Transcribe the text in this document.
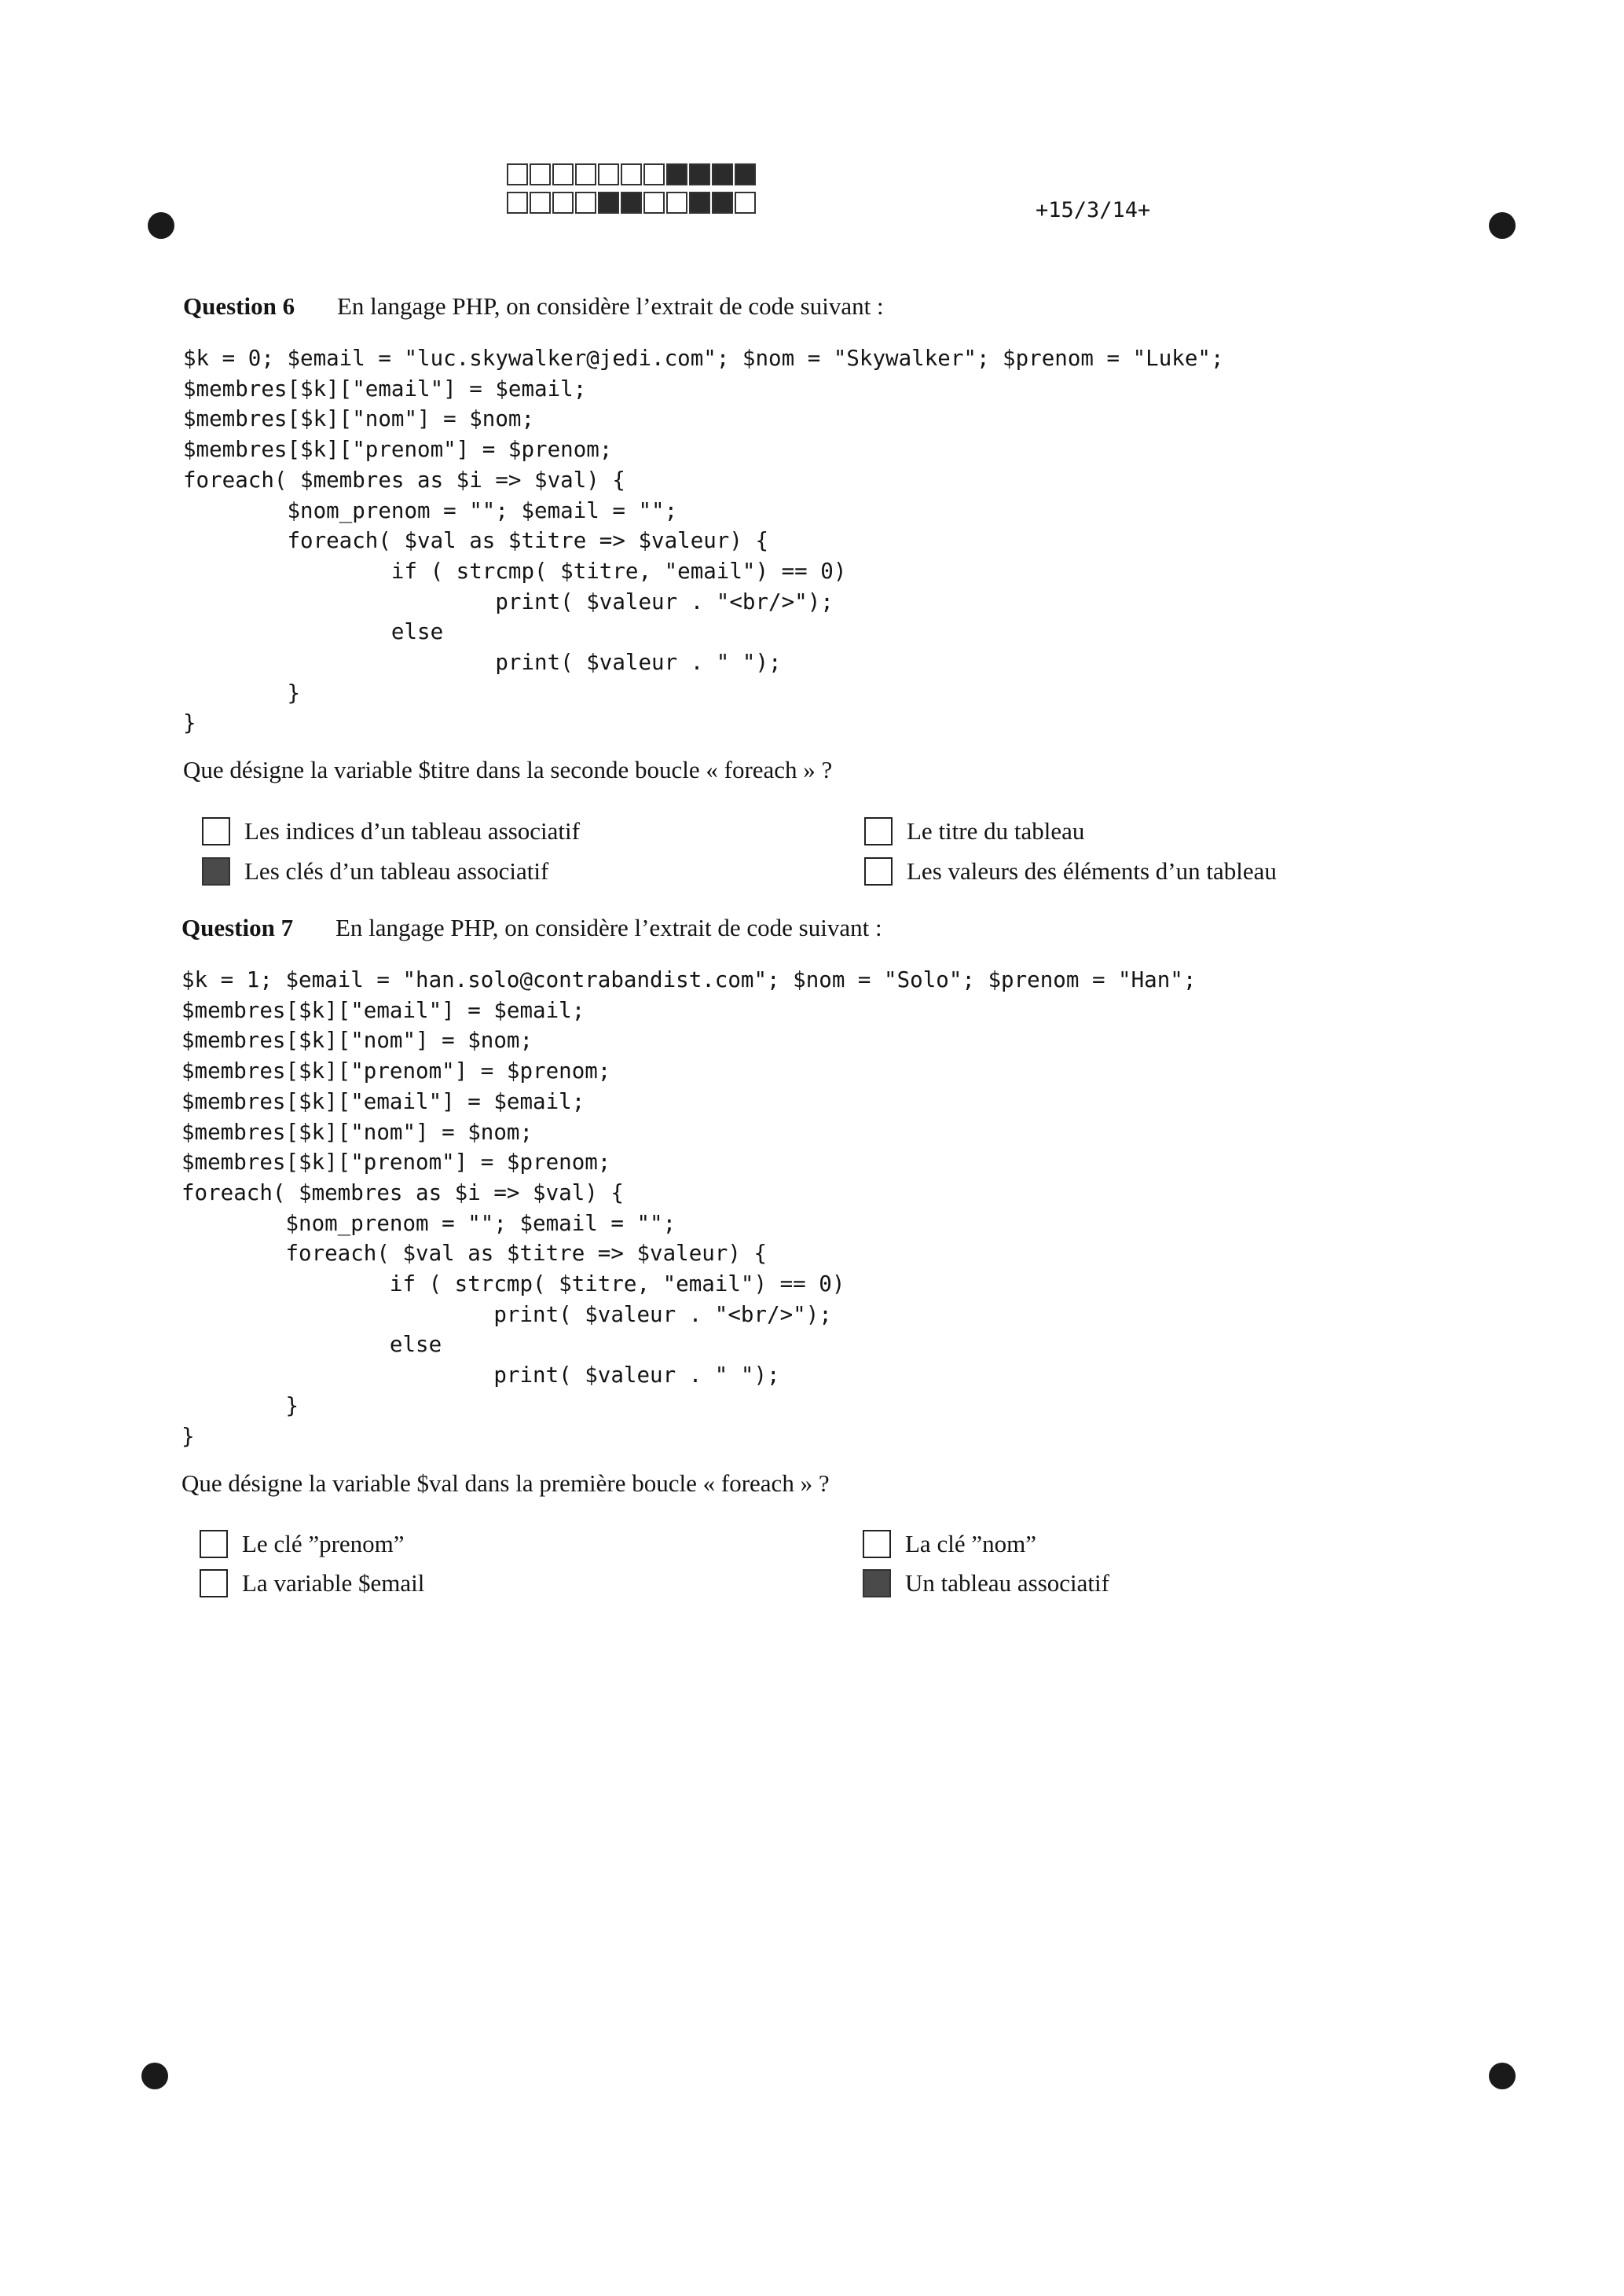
+15/3/14+
Question 6 En langage PHP, on considère l’extrait de code suivant :
$k = 0; $email = "luc.skywalker@jedi.com"; $nom = "Skywalker"; $prenom = "Luke";
$membres[$k]["email"] = $email;
$membres[$k]["nom"] = $nom;
$membres[$k]["prenom"] = $prenom;
foreach( $membres as $i => $val) {
$nom_prenom = ""; $email = "";
foreach( $val as $titre => $valeur) {
if ( strcmp( $titre, "email") == 0)
print( $valeur . "<br/>");
else
print( $valeur . " ");
}
}
Que désigne la variable $titre dans la seconde boucle « foreach » ?
Les indices d’un tableau associatif	Le titre du tableau
Les clés d’un tableau associatif	Les valeurs des éléments d’un tableau
Question 7 En langage PHP, on considère l’extrait de code suivant :
$k = 1; $email = "han.solo@contrabandist.com"; $nom = "Solo"; $prenom = "Han";
$membres[$k]["email"] = $email;
$membres[$k]["nom"] = $nom;
$membres[$k]["prenom"] = $prenom;
$membres[$k]["email"] = $email;
$membres[$k]["nom"] = $nom;
$membres[$k]["prenom"] = $prenom;
foreach( $membres as $i => $val) {
$nom_prenom = ""; $email = "";
foreach( $val as $titre => $valeur) {
if ( strcmp( $titre, "email") == 0)
print( $valeur . "<br/>");
else
print( $valeur . " ");
}
}
Que désigne la variable $val dans la première boucle « foreach » ?
Le clé ”prenom”	La clé ”nom”
La variable $email	Un tableau associatif
